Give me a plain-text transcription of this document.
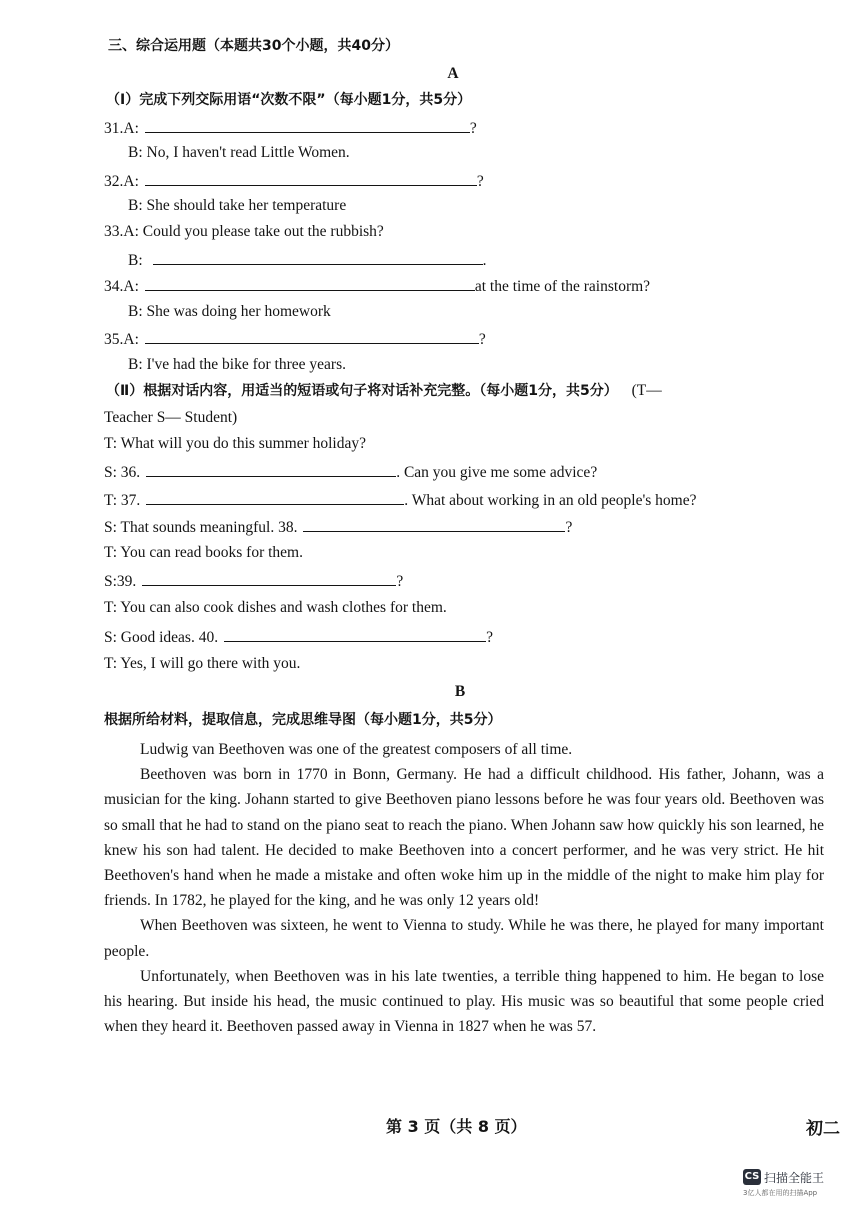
三、综合运用题（本题共30个小题，共40分）
A
（Ⅰ）完成下列交际用语“次数不限”（每小题1分，共5分）
31.A:	?
B: No, I haven't read Little Women.
32.A:	?
B: She should take her temperature
33.A: Could you please take out the rubbish?
B:	.
34.A:	at the time of the rainstorm?
B: She was doing her homework
35.A:	?
B: I've had the bike for three years.
（Ⅱ）根据对话内容，用适当的短语或句子将对话补充完整。（每小题1分，共5分） (T—
Teacher S— Student)
T: What will you do this summer holiday?
S: 36.	. Can you give me some advice?
T: 37.	. What about working in an old people's home?
S: That sounds meaningful. 38.	?
T: You can read books for them.
S:39.	?
T: You can also cook dishes and wash clothes for them.
S: Good ideas. 40.	?
T: Yes, I will go there with you.
B
根据所给材料，提取信息，完成思维导图（每小题1分，共5分）

Ludwig van Beethoven was one of the greatest composers of all time.

Beethoven was born in 1770 in Bonn, Germany. He had a difficult childhood. His father, Johann, was a musician for the king. Johann started to give Beethoven piano lessons before he was four years old. Beethoven was so small that he had to stand on the piano seat to reach the piano. When Johann saw how quickly his son learned, he knew his son had talent. He decided to make Beethoven into a concert performer, and he was very strict. He hit Beethoven's hand when he made a mistake and often woke him up in the middle of the night to make him play for friends. In 1782, he played for the king, and he was only 12 years old!

When Beethoven was sixteen, he went to Vienna to study. While he was there, he played for many important people.

Unfortunately, when Beethoven was in his late twenties, a terrible thing happened to him. He began to lose his hearing. But inside his head, the music continued to play. His music was so beautiful that some people cried when they heard it. Beethoven passed away in Vienna in 1827 when he was 57.

第 3 页（共 8 页）	初二
CS 扫描全能王
3亿人都在用的扫描App
